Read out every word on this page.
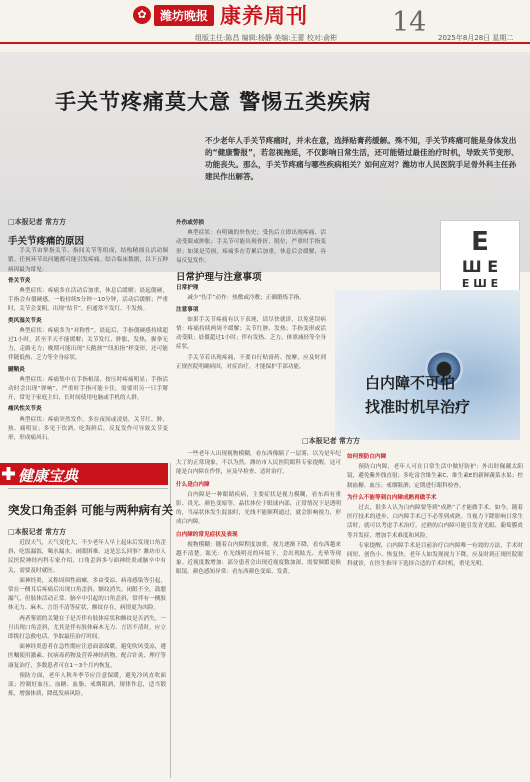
✿	潍坊晚报 康养周刊	14
组版主任:陈昌 编辑:杨静 美编:王蕾 校对:俞彬	2025年8月28日 星期二
手关节疼痛莫大意 警惕五类疾病
不少老年人手关节疼痛时，并未在意，选择贴膏药缓解。殊不知，手关节疼痛可能是身体发出的“健康警报”，若忽视拖延，不仅影响日常生活，还可能错过最佳治疗时机，导致关节变形、功能丧失。那么，手关节疼痛与哪些疾病相关？如何应对？潍坊市人民医院手足骨外科主任孙建民作出解答。
□本报记者 常方方

手关节疼痛的原因

手关节由掌指关节、指间关节等组成，结构精细且活动频繁。任何环节出问题都可能引发疼痛。结合临床数据，以下五种病因最为常见：

骨关节炎

典型症状：疼痛多在活动后加重，休息后缓解；晨起僵硬，手指会有僵硬感，一般持续5分钟～10分钟，活动后缓解；严重时，关节会变粗，出现“结节”，但通常不发红、不发热。

类风湿关节炎

典型症状：疼痛多为“对称性”，晨起后，手指僵硬感持续超过1小时，甚至半天不能缓解；关节发红、肿胀，发热，握拳无力，走路无力；晚期可能出现“天鹅颈”“纽扣指”样变形，还可能伴随低热、乏力等全身症状。

腱鞘炎

典型症状：疼痛集中在手指根部，按压时疼痛明显；手指活动时会出现“弹响”，严重时手指可能卡住，需要用另一只手掰开，常见于家庭主妇、长时间使用电脑或手机的人群。

痛风性关节炎

典型症状：疼痛突然发作，多在夜间或凌晨，关节红、肿、热、痛明显；多见于饮酒、吃海鲜后，反复发作可导致关节变形，形成痛风石。

外伤或劳损

典型症状：有明确的外伤史；受伤后立即出现疼痛、活动受限或肿胀；手关节可能出现骨折、脱位，严重时手指变形；如果是劳损，疼痛多在劳累后加重，休息后会缓解，容易反复发作。

日常护理与注意事项

日常护理

减少“伤手”动作：热敷或冷敷；正确锻炼手指。

注意事项

如果手关节疼痛有以下表现，请尽快就诊，以免延误病情：疼痛持续两周不缓解；关节红肿、发热；手指变形或活动受限；晨僵超过1小时；伴有发热、乏力、体重减轻等全身症状。

手关节若出现疼痛，不要自行贴膏药、按摩，应及时到正规医院明确病因，对症治疗，才能保护手部功能。

E
Ш E
E Ш E
白内障不可怕
找准时机早治疗
健康宝典
突发口角歪斜 可能与两种病有关
□本报记者 常方方

近段天气，天气变化大，不少老年人早上起床后发现口角歪斜，吃饭漏饭，喝水漏水，闭眼困难。这是怎么回事？潍坊市人民医院神经内科专家介绍，口角歪斜多与面神经炎或脑卒中有关，需要及时就医。

面神经炎，又称周围性面瘫，多由受凉、病毒感染等引起，常在一侧耳后疼痛后出现口角歪斜，额纹消失、闭眼不全，鼓腮漏气，但肢体活动正常。脑卒中引起的口角歪斜，常伴有一侧肢体无力、麻木、言语不清等症状，额纹存在，病情更为凶险。

两者鉴别的关键在于是否伴有肢体症状和额纹是否消失。一旦出现口角歪斜，尤其是伴有肢体麻木无力、言语不清时，应立即拨打急救电话，争取最佳治疗时间。

面神经炎患者在急性期应注意面部保暖，避免吹风受凉，遵医嘱使用激素、抗病毒药物及营养神经药物，配合针灸、理疗等康复治疗，多数患者可在1～3个月内恢复。

预防方面，老年人秋冬季节应注意保暖，避免冷风直吹面部；控制好血压、血糖、血脂，戒烟限酒，规律作息，适当锻炼，增强体质，降低发病风险。

□本报记者 常方方

一些老年人出现视物模糊，看东西像隔了一层雾，以为是年纪大了的正常现象，不以为然。潍坊市人民医院眼科专家提醒，这可能是白内障在作怪，应及早检查、适时治疗。

什么是白内障

白内障是一种眼睛疾病，主要症状是视力模糊，看东西有重影、畏光、颜色变暗等。晶状体位于眼球内部，正常情况下是透明的，当晶状体发生混浊时，光线不能顺利通过，就会影响视力，形成白内障。

白内障的常见症状及表现

视物模糊：随着白内障程度加重，视力逐渐下降，看东西越来越不清楚。眩光：在光线明亮的环境下，会出现眩光、光晕等现象。近视度数增加：部分患者会出现近视度数加深，需要频繁更换眼镜。颜色感知异常：看东西颜色变暗、发黄。

如何预防白内障

预防白内障，老年人可在日常生活中做好防护：外出时佩戴太阳镜，避免紫外线直射；多吃富含维生素C、维生素E的新鲜蔬菜水果；控制血糖、血压；戒烟限酒；定期进行眼科检查。

为什么不能等到白内障成熟再做手术

过去，很多人认为白内障要等到“成熟”了才能做手术。如今，随着医疗技术的进步，白内障手术已不必等到成熟。当视力下降影响日常生活时，就可以考虑手术治疗。过熟的白内障可能引发青光眼、葡萄膜炎等并发症，增加手术难度和风险。

专家提醒，白内障手术是目前治疗白内障唯一有效的方法，手术时间短、创伤小、恢复快。老年人如发现视力下降，应及时到正规医院眼科就诊，在医生指导下选择合适的手术时机，重见光明。
